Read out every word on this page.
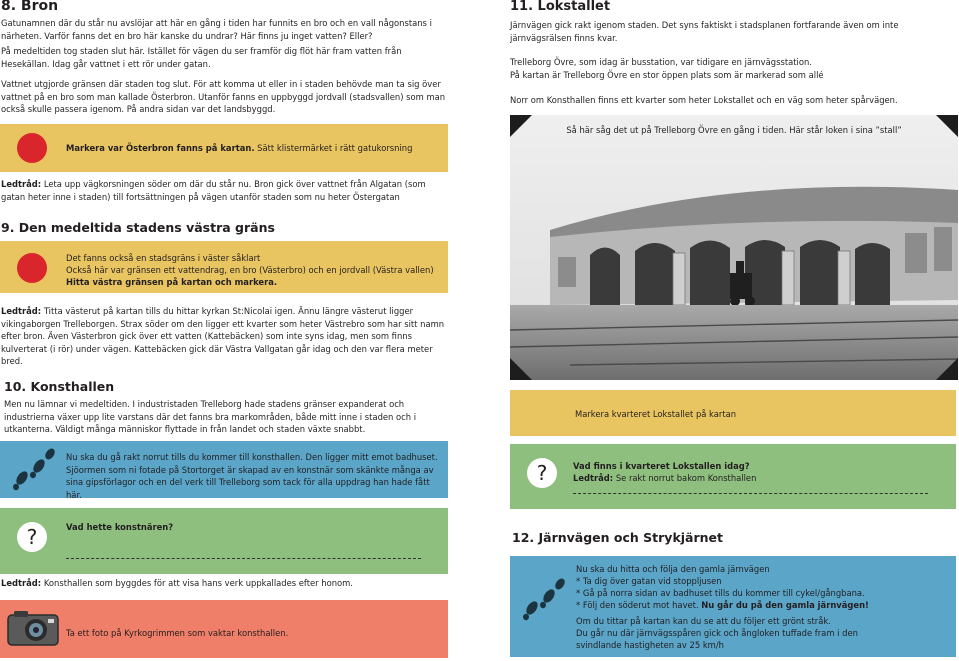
8. Bron
Gatunamnen där du står nu avslöjar att här en gång i tiden har funnits en bro och en vall någonstans i närheten. Varför fanns det en bro här kanske du undrar? Här finns ju inget vatten? Eller?
På medeltiden tog staden slut här. Istället för vägen du ser framför dig flöt här fram vatten från Hesekällan. Idag går vattnet i ett rör under gatan.
Vattnet utgjorde gränsen där staden tog slut. För att komma ut eller in i staden behövde man ta sig över vattnet på en bro som man kallade Österbron. Utanför fanns en uppbyggd jordvall (stadsvallen) som man också skulle passera igenom. På andra sidan var det landsbyggd.
Markera var Österbron fanns på kartan. Sätt klistermärket i rätt gatukorsning
Ledtråd: Leta upp vägkorsningen söder om där du står nu. Bron gick över vattnet från Algatan (som gatan heter inne i staden) till fortsättningen på vägen utanför staden som nu heter Östergatan
9. Den medeltida stadens västra gräns
Det fanns också en stadsgräns i väster såklart
Också här var gränsen ett vattendrag, en bro (Västerbro) och en jordvall (Västra vallen)
Hitta västra gränsen på kartan och markera.
Ledtråd: Titta västerut på kartan tills du hittar kyrkan St:Nicolai igen. Ännu längre västerut ligger vikingaborgen Trelleborgen. Strax söder om den ligger ett kvarter som heter Västrebro som har sitt namn efter bron. Även Västerbron gick över ett vatten (Kattebäcken) som inte syns idag, men som finns kulverterat (i rör) under vägen. Kattebäcken gick där Västra Vallgatan går idag och den var flera meter bred.
10. Konsthallen
Men nu lämnar vi medeltiden. I industristaden Trelleborg hade stadens gränser expanderat och industrierna växer upp lite varstans där det fanns bra markområden, både mitt inne i staden och i utkanterna. Väldigt många människor flyttade in från landet och staden växte snabbt.
Nu ska du gå rakt norrut tills du kommer till konsthallen. Den ligger mitt emot badhuset. Sjöormen som ni fotade på Stortorget är skapad av en konstnär som skänkte många av sina gipsförlagor och en del verk till Trelleborg som tack för alla uppdrag han hade fått här.
?	Vad hette konstnären?
Ledtråd: Konsthallen som byggdes för att visa hans verk uppkallades efter honom.
Ta ett foto på Kyrkogrimmen som vaktar konsthallen.
11. Lokstallet
Järnvägen gick rakt igenom staden. Det syns faktiskt i stadsplanen fortfarande även om inte järnvägsrälsen finns kvar.
Trelleborg Övre, som idag är busstation, var tidigare en järnvägsstation.
På kartan är Trelleborg Övre en stor öppen plats som är markerad som allé
Norr om Konsthallen finns ett kvarter som heter Lokstallet och en väg som heter spårvägen.
Så här såg det ut på Trelleborg Övre en gång i tiden. Här står loken i sina ”stall”
Markera kvarteret Lokstallet på kartan
?	Vad finns i kvarteret Lokstallen idag?
Ledtråd: Se rakt norrut bakom Konsthallen
12. Järnvägen och Strykjärnet
Nu ska du hitta och följa den gamla järnvägen
* Ta dig över gatan vid stoppljusen
* Gå på norra sidan av badhuset tills du kommer till cykel/gångbana.
* Följ den söderut mot havet. Nu går du på den gamla järnvägen!
Om du tittar på kartan kan du se att du följer ett grönt stråk.
Du går nu där järnvägsspåren gick och ångloken tuffade fram i den
svindlande hastigheten av 25 km/h
